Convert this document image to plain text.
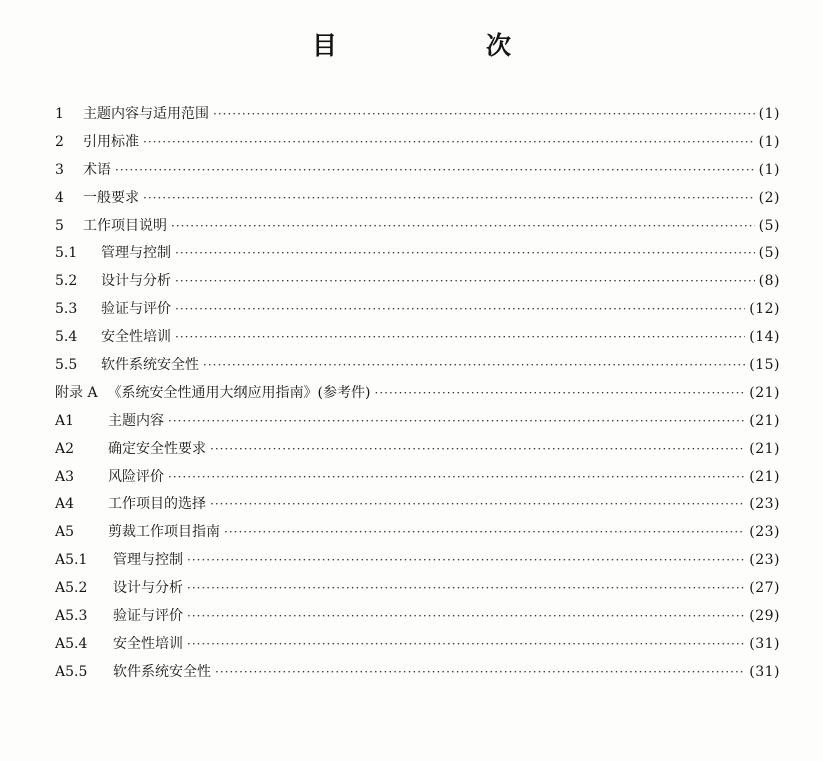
目　次
1	主题内容与适用范围 ·····	(1)
2	引用标准 ·····	(1)
3	术语 ·····	(1)
4	一般要求 ·····	(2)
5	工作项目说明 ·····	(5)
5.1	管理与控制 ·····	(5)
5.2	设计与分析 ·····	(8)
5.3	验证与评价 ·····	(12)
5.4	安全性培训 ·····	(14)
5.5	软件系统安全性 ·····	(15)
附录 A 《系统安全性通用大纲应用指南》(参考件) ·····	(21)
A1	主题内容 ·····	(21)
A2	确定安全性要求 ·····	(21)
A3	风险评价 ·····	(21)
A4	工作项目的选择 ·····	(23)
A5	剪裁工作项目指南 ·····	(23)
A5.1	管理与控制 ·····	(23)
A5.2	设计与分析 ·····	(27)
A5.3	验证与评价 ·····	(29)
A5.4	安全性培训 ·····	(31)
A5.5	软件系统安全性 ·····	(31)
